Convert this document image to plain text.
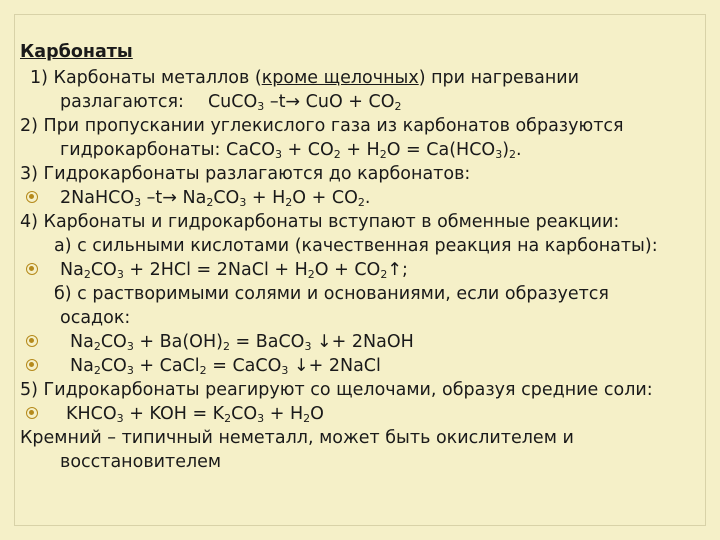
Карбонаты
1) Карбонаты металлов (кроме щелочных) при нагревании
разлагаются: CuCO$_3$ –t→ CuO + $CO_2$
2) При пропускании углекислого газа из карбонатов образуются
гидрокарбонаты: CaCO$_3$ + $CO_2 + H_2O = Ca(HCO_3)_2$.
3) Гидрокарбонаты разлагаются до карбонатов:
2NaHCO$_3$ $-t\to Na_2CO_3 + H_2O + CO_2$.
4) Карбонаты и гидрокарбонаты вступают в обменные реакции:
а) с сильными кислотами (качественная реакция на карбонаты):
$Na_2CO_3 + 2HCl$ = 2NaCl + $H_2O$ + $CO_2↑$;
б) с растворимыми солями и основаниями, если образуется
осадок:
$Na_2CO_3 + Ba(OH)_2$ = BaCO$_3$ ↓+ 2NaOH
$Na_2CO_3$ + CaCl$_2$ = CaCO$_3$ ↓+ 2NaCl
5) Гидрокарбонаты реагируют со щелочами, образуя средние соли:
$KHCO_3$ + KOH = $K_2CO_3 + H_2O$
Кремний – типичный неметалл, может быть окислителем и
восстановителем
